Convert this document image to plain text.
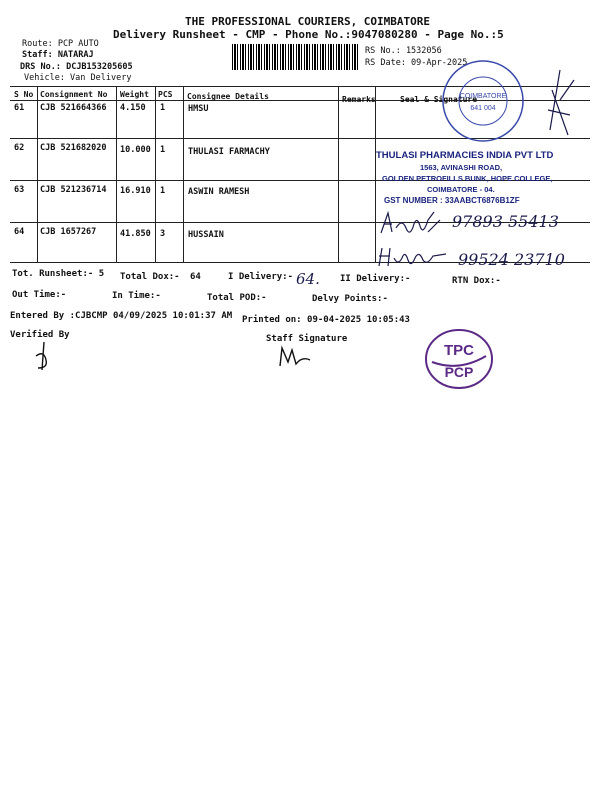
THE PROFESSIONAL COURIERS, COIMBATORE
Delivery Runsheet - CMP - Phone No.:9047080280 - Page No.:5
Route: PCP AUTO
Staff: NATARAJ
DRS No.: DCJB153205605
Vehicle: Van Delivery
RS No.: 1532056
RS Date: 09-Apr-2025
S No Consignment No Weight PCS Consignee Details	Remarks	Seal & Signature
61 CJB 521664366 4.150 1	HMSU
62 CJB 521682020 10.000 1	THULASI FARMACHY
63 CJB 521236714 16.910 1	ASWIN RAMESH
64 CJB 1657267	41.850 3	HUSSAIN
COIMBATORE
641 004
THULASI PHARMACIES INDIA PVT LTD
1563, AVINASHI ROAD,
GOLDEN PETROFILLS BUNK, HOPE COLLEGE,
COIMBATORE - 04.
GST NUMBER : 33AABCT6876B1ZF
97893 55413
99524 23710
Tot. Runsheet:- 5 Total Dox:- 64	I Delivery:- 64. II Delivery:-	RTN Dox:-
Out Time:-	In Time:-	Total POD:-	Delvy Points:-
Entered By :CJBCMP 04/09/2025 10:01:37 AM Printed on: 09-04-2025 10:05:43
Verified By	Staff Signature
TPC
PCP
